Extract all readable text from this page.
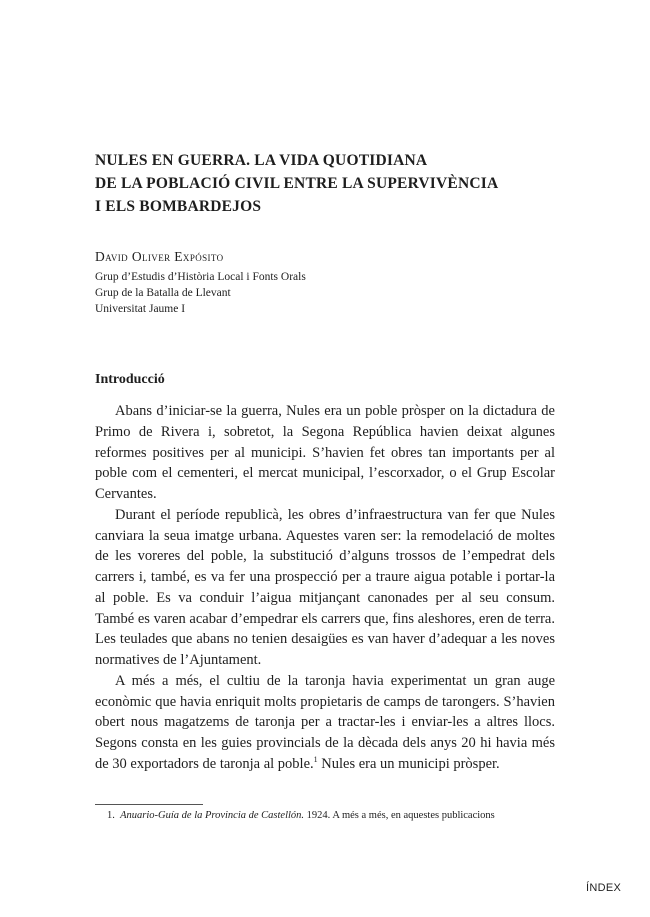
NULES EN GUERRA. LA VIDA QUOTIDIANA
DE LA POBLACIÓ CIVIL ENTRE LA SUPERVIVÈNCIA
I ELS BOMBARDEJOS

David Oliver Expósito

Grup d’Estudis d’Història Local i Fonts Orals
Grup de la Batalla de Llevant
Universitat Jaume I

Introducció

Abans d’iniciar-se la guerra, Nules era un poble pròsper on la dictadura de Primo de Rivera i, sobretot, la Segona República havien deixat algunes reformes positives per al municipi. S’havien fet obres tan importants per al poble com el cementeri, el mercat municipal, l’escorxador, o el Grup Escolar Cervantes.

Durant el període republicà, les obres d’infraestructura van fer que Nules canviara la seua imatge urbana. Aquestes varen ser: la remodelació de moltes de les voreres del poble, la substitució d’alguns trossos de l’empedrat dels carrers i, també, es va fer una prospecció per a traure aigua potable i portar-la al poble. Es va conduir l’aigua mitjançant canonades per al seu consum. També es varen acabar d’empedrar els carrers que, fins aleshores, eren de terra. Les teulades que abans no tenien desaigües es van haver d’adequar a les noves normatives de l’Ajuntament.

A més a més, el cultiu de la taronja havia experimentat un gran auge econòmic que havia enriquit molts propietaris de camps de tarongers. S’havien obert nous magatzems de taronja per a tractar-les i enviar-les a altres llocs. Segons consta en les guies provincials de la dècada dels anys 20 hi havia més de 30 exportadors de taronja al poble.$^1$ Nules era un municipi pròsper.

1. Anuario-Guía de la Provincia de Castellón. 1924. A més a més, en aquestes publicacions

ÍNDEX
